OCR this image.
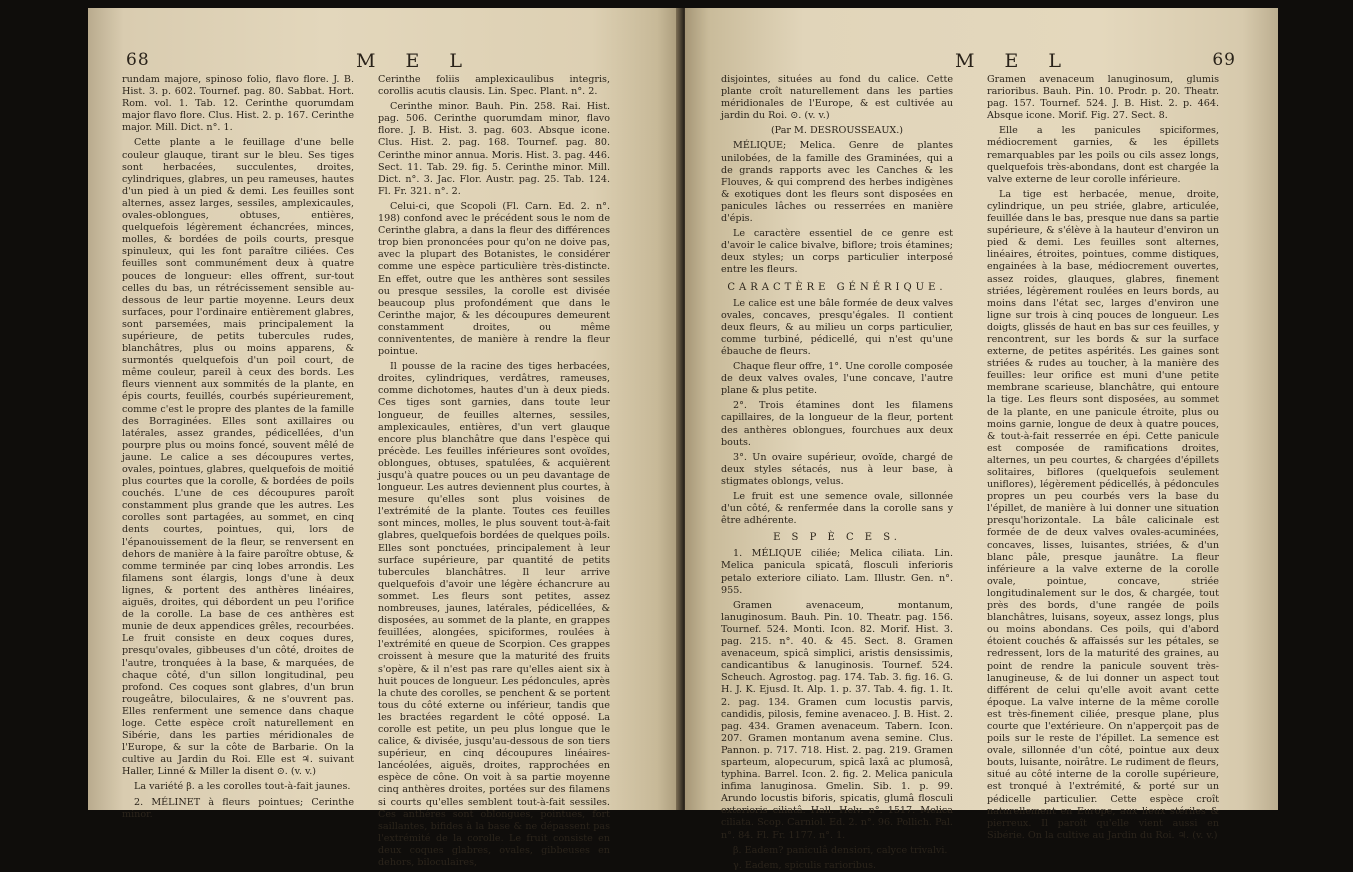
68	M E L

rundam majore, spinoso folio, flavo flore. J. B. Hist. 3. p. 602. Tournef. pag. 80. Sabbat. Hort. Rom. vol. 1. Tab. 12. Cerinthe quorumdam major flavo flore. Clus. Hist. 2. p. 167. Cerinthe major. Mill. Dict. n°. 1.

Cette plante a le feuillage d'une belle couleur glauque, tirant sur le bleu. Ses tiges sont herbacées, succulentes, droites, cylindriques, glabres, un peu rameuses, hautes d'un pied à un pied & demi. Les feuilles sont alternes, assez larges, sessiles, amplexicaules, ovales-oblongues, obtuses, entières, quelquefois légèrement échancrées, minces, molles, & bordées de poils courts, presque spinuleux, qui les font paraître ciliées. Ces feuilles sont communément deux à quatre pouces de longueur: elles offrent, sur-tout celles du bas, un rétrécissement sensible au-dessous de leur partie moyenne. Leurs deux surfaces, pour l'ordinaire entièrement glabres, sont parsemées, mais principalement la supérieure, de petits tubercules rudes, blanchâtres, plus ou moins apparens, & surmontés quelquefois d'un poil court, de même couleur, pareil à ceux des bords. Les fleurs viennent aux sommités de la plante, en épis courts, feuillés, courbés supérieurement, comme c'est le propre des plantes de la famille des Borraginées. Elles sont axillaires ou latérales, assez grandes, pédicellées, d'un pourpre plus ou moins foncé, souvent mêlé de jaune. Le calice a ses découpures vertes, ovales, pointues, glabres, quelquefois de moitié plus courtes que la corolle, & bordées de poils couchés. L'une de ces découpures paroît constamment plus grande que les autres. Les corolles sont partagées, au sommet, en cinq dents courtes, pointues, qui, lors de l'épanouissement de la fleur, se renversent en dehors de manière à la faire paroître obtuse, & comme terminée par cinq lobes arrondis. Les filamens sont élargis, longs d'une à deux lignes, & portent des anthères linéaires, aiguës, droites, qui débordent un peu l'orifice de la corolle. La base de ces anthères est munie de deux appendices grêles, recourbées. Le fruit consiste en deux coques dures, presqu'ovales, gibbeuses d'un côté, droites de l'autre, tronquées à la base, & marquées, de chaque côté, d'un sillon longitudinal, peu profond. Ces coques sont glabres, d'un brun rougeâtre, biloculaires, & ne s'ouvrent pas. Elles renferment une semence dans chaque loge. Cette espèce croît naturellement en Sibérie, dans les parties méridionales de l'Europe, & sur la côte de Barbarie. On la cultive au Jardin du Roi. Elle est ♃. suivant Haller, Linné & Miller la disent ⊙. (v. v.)

La variété β. a les corolles tout-à-fait jaunes.

2. MÉLINET à fleurs pointues; Cerinthe minor.

Cerinthe foliis amplexicaulibus integris, corollis acutis clausis. Lin. Spec. Plant. n°. 2.

Cerinthe minor. Bauh. Pin. 258. Rai. Hist. pag. 506. Cerinthe quorumdam minor, flavo flore. J. B. Hist. 3. pag. 603. Absque icone. Clus. Hist. 2. pag. 168. Tournef. pag. 80. Cerinthe minor annua. Moris. Hist. 3. pag. 446. Sect. 11. Tab. 29. fig. 5. Cerinthe minor. Mill. Dict. n°. 3. Jac. Flor. Austr. pag. 25. Tab. 124. Fl. Fr. 321. n°. 2.

Celui-ci, que Scopoli (Fl. Carn. Ed. 2. n°. 198) confond avec le précédent sous le nom de Cerinthe glabra, a dans la fleur des différences trop bien prononcées pour qu'on ne doive pas, avec la plupart des Botanistes, le considérer comme une espèce particulière très-distincte. En effet, outre que les anthères sont sessiles ou presque sessiles, la corolle est divisée beaucoup plus profondément que dans le Cerinthe major, & les découpures demeurent constamment droites, ou même connivententes, de manière à rendre la fleur pointue.

Il pousse de la racine des tiges herbacées, droites, cylindriques, verdâtres, rameuses, comme dichotomes, hautes d'un à deux pieds. Ces tiges sont garnies, dans toute leur longueur, de feuilles alternes, sessiles, amplexicaules, entières, d'un vert glauque encore plus blanchâtre que dans l'espèce qui précède. Les feuilles inférieures sont ovoïdes, oblongues, obtuses, spatulées, & acquièrent jusqu'à quatre pouces ou un peu davantage de longueur. Les autres deviennent plus courtes, à mesure qu'elles sont plus voisines de l'extrémité de la plante. Toutes ces feuilles sont minces, molles, le plus souvent tout-à-fait glabres, quelquefois bordées de quelques poils. Elles sont ponctuées, principalement à leur surface supérieure, par quantité de petits tubercules blanchâtres. Il leur arrive quelquefois d'avoir une légère échancrure au sommet. Les fleurs sont petites, assez nombreuses, jaunes, latérales, pédicellées, & disposées, au sommet de la plante, en grappes feuillées, alongées, spiciformes, roulées à l'extrémité en queue de Scorpion. Ces grappes croissent à mesure que la maturité des fruits s'opère, & il n'est pas rare qu'elles aient six à huit pouces de longueur. Les pédoncules, après la chute des corolles, se penchent & se portent tous du côté externe ou inférieur, tandis que les bractées regardent le côté opposé. La corolle est petite, un peu plus longue que le calice, & divisée, jusqu'au-dessous de son tiers supérieur, en cinq découpures linéaires-lancéolées, aiguës, droites, rapprochées en espèce de cône. On voit à sa partie moyenne cinq anthères droites, portées sur des filamens si courts qu'elles semblent tout-à-fait sessiles. Ces anthères sont oblongues, pointues, fort saillantes, bifides à la base & ne dépassent pas l'extrémité de la corolle. Le fruit consiste en deux coques glabres, ovales, gibbeuses en dehors, biloculaires,

M E L	69

disjointes, situées au fond du calice. Cette plante croît naturellement dans les parties méridionales de l'Europe, & est cultivée au jardin du Roi. ⊙. (v. v.)

(Par M. DESROUSSEAUX.)

MÉLIQUE; Melica. Genre de plantes unilobées, de la famille des Graminées, qui a de grands rapports avec les Canches & les Flouves, & qui comprend des herbes indigènes & exotiques dont les fleurs sont disposées en panicules lâches ou resserrées en manière d'épis.

Le caractère essentiel de ce genre est d'avoir le calice bivalve, biflore; trois étamines; deux styles; un corps particulier interposé entre les fleurs.

CARACTÈRE GÉNÉRIQUE.

Le calice est une bâle formée de deux valves ovales, concaves, presqu'égales. Il contient deux fleurs, & au milieu un corps particulier, comme turbiné, pédicellé, qui n'est qu'une ébauche de fleurs.

Chaque fleur offre, 1°. Une corolle composée de deux valves ovales, l'une concave, l'autre plane & plus petite.

2°. Trois étamines dont les filamens capillaires, de la longueur de la fleur, portent des anthères oblongues, fourchues aux deux bouts.

3°. Un ovaire supérieur, ovoïde, chargé de deux styles sétacés, nus à leur base, à stigmates oblongs, velus.

Le fruit est une semence ovale, sillonnée d'un côté, & renfermée dans la corolle sans y être adhérente.

E S P È C E S.

1. MÉLIQUE ciliée; Melica ciliata. Lin. Melica panicula spicatâ, flosculi inferioris petalo exteriore ciliato. Lam. Illustr. Gen. n°. 955.

Gramen avenaceum, montanum, lanuginosum. Bauh. Pin. 10. Theatr. pag. 156. Tournef. 524. Monti. Icon. 82. Morif. Hist. 3. pag. 215. n°. 40. & 45. Sect. 8. Gramen avenaceum, spicâ simplici, aristis densissimis, candicantibus & lanuginosis. Tournef. 524. Scheuch. Agrostog. pag. 174. Tab. 3. fig. 16. G. H. J. K. Ejusd. It. Alp. 1. p. 37. Tab. 4. fig. 1. It. 2. pag. 134. Gramen cum locustis parvis, candidis, pilosis, femine avenaceo. J. B. Hist. 2. pag. 434. Gramen avenaceum. Tabern. Icon. 207. Gramen montanum avena semine. Clus. Pannon. p. 717. 718. Hist. 2. pag. 219. Gramen sparteum, alopecurum, spicâ laxâ ac plumosâ, typhina. Barrel. Icon. 2. fig. 2. Melica panicula infima lanuginosa. Gmelin. Sib. 1. p. 99. Arundo locustis biforis, spicatis, glumâ flosculi exterioris ciliatâ. Hall. Helv. n°. 1517. Melica ciliata. Scop. Carniol. Ed. 2. n°. 96. Pollich. Pal. n°. 84. Fl. Fr. 1177. n°. 1.

β. Eadem? paniculâ densiori, calyce trivalvi.

γ. Eadem, spiculis rarioribus.

Gramen avenaceum lanuginosum, glumis rarioribus. Bauh. Pin. 10. Prodr. p. 20. Theatr. pag. 157. Tournef. 524. J. B. Hist. 2. p. 464. Absque icone. Morif. Fig. 27. Sect. 8.

Elle a les panicules spiciformes, médiocrement garnies, & les épillets remarquables par les poils ou cils assez longs, quelquefois très-abondans, dont est chargée la valve externe de leur corolle inférieure.

La tige est herbacée, menue, droite, cylindrique, un peu striée, glabre, articulée, feuillée dans le bas, presque nue dans sa partie supérieure, & s'élève à la hauteur d'environ un pied & demi. Les feuilles sont alternes, linéaires, étroites, pointues, comme distiques, engainées à la base, médiocrement ouvertes, assez roides, glauques, glabres, finement striées, légèrement roulées en leurs bords, au moins dans l'état sec, larges d'environ une ligne sur trois à cinq pouces de longueur. Les doigts, glissés de haut en bas sur ces feuilles, y rencontrent, sur les bords & sur la surface externe, de petites aspérités. Les gaines sont striées & rudes au toucher, à la manière des feuilles: leur orifice est muni d'une petite membrane scarieuse, blanchâtre, qui entoure la tige. Les fleurs sont disposées, au sommet de la plante, en une panicule étroite, plus ou moins garnie, longue de deux à quatre pouces, & tout-à-fait resserrée en épi. Cette panicule est composée de ramifications droites, alternes, un peu courtes, & chargées d'épillets solitaires, biflores (quelquefois seulement uniflores), légèrement pédicellés, à pédoncules propres un peu courbés vers la base du l'épillet, de manière à lui donner une situation presqu'horizontale. La bâle calicinale est formée de de deux valves ovales-acuminées, concaves, lisses, luisantes, striées, & d'un blanc pâle, presque jaunâtre. La fleur inférieure a la valve externe de la corolle ovale, pointue, concave, striée longitudinalement sur le dos, & chargée, tout près des bords, d'une rangée de poils blanchâtres, luisans, soyeux, assez longs, plus ou moins abondans. Ces poils, qui d'abord étoient couchés & affaissés sur les pétales, se redressent, lors de la maturité des graines, au point de rendre la panicule souvent très-lanugineuse, & de lui donner un aspect tout différent de celui qu'elle avoit avant cette époque. La valve interne de la même corolle est très-finement ciliée, presque plane, plus courte que l'extérieure. On n'apperçoit pas de poils sur le reste de l'épillet. La semence est ovale, sillonnée d'un côté, pointue aux deux bouts, luisante, noirâtre. Le rudiment de fleurs, situé au côté interne de la corolle supérieure, est tronqué à l'extrémité, & porté sur un pédicelle particulier. Cette espèce croît naturellement en Europe, aux lieux stériles & pierreux. Il paroît qu'elle vient aussi en Sibérie. On la cultive au Jardin du Roi. ♃. (v. v.)
